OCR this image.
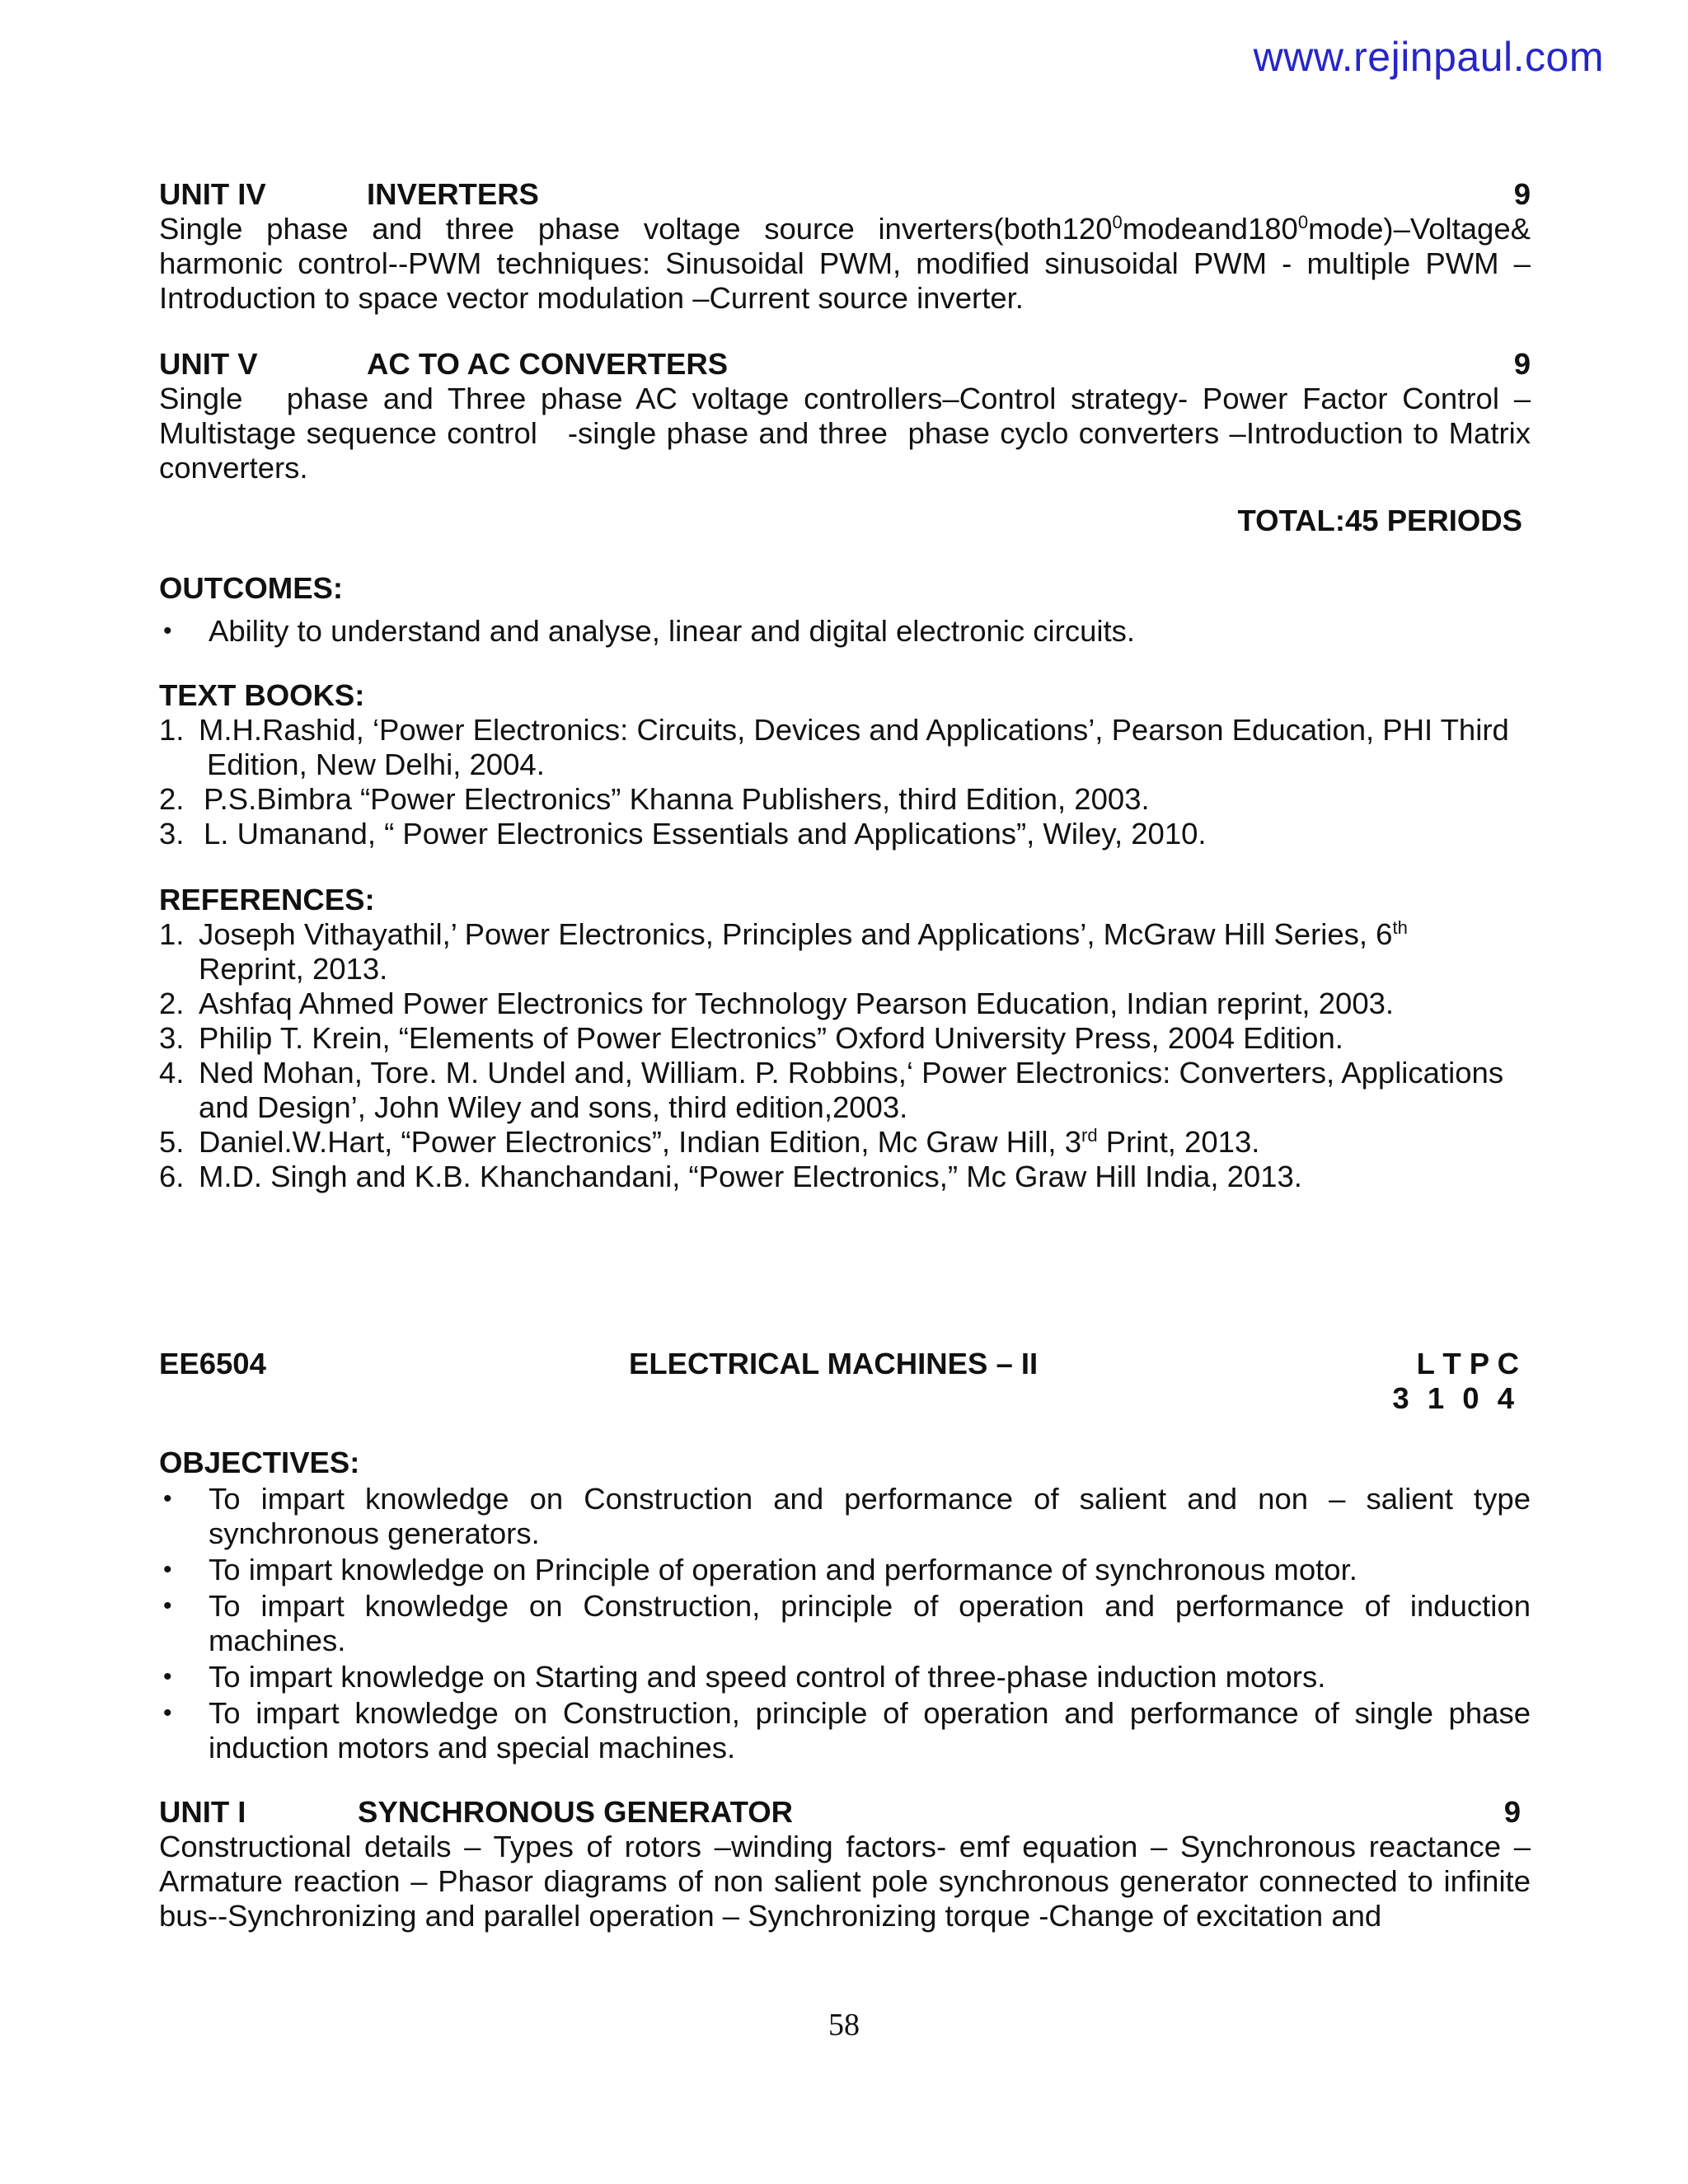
www.rejinpaul.com
UNIT IV	INVERTERS	9
Single phase and three phase voltage source $inverters(both120^0modeand180^0mode)-Voltage\&$ harmonic control--PWM techniques: Sinusoidal PWM, modified sinusoidal PWM - multiple PWM – Introduction to space vector modulation –Current source inverter.
UNIT V	AC TO AC CONVERTERS	9
Single   phase and Three phase AC voltage controllers–Control strategy- Power Factor Control – Multistage sequence control   -single phase and three  phase cyclo converters –Introduction to Matrix converters.
TOTAL:45 PERIODS
OUTCOMES:
• Ability to understand and analyse, linear and digital electronic circuits.
TEXT BOOKS:
1. M.H.Rashid, ‘Power Electronics: Circuits, Devices and Applications’, Pearson Education, PHI Third
Edition, New Delhi, 2004.
2. P.S.Bimbra “Power Electronics” Khanna Publishers, third Edition, 2003.
3. L. Umanand, “ Power Electronics Essentials and Applications”, Wiley, 2010.
REFERENCES:
1. Joseph Vithayathil,’ Power Electronics, Principles and Applications’, McGraw Hill Series, 6th
Reprint, 2013.
2. Ashfaq Ahmed Power Electronics for Technology Pearson Education, Indian reprint, 2003.
3. Philip T. Krein, “Elements of Power Electronics” Oxford University Press, 2004 Edition.
4. Ned Mohan, Tore. M. Undel and, William. P. Robbins,‘ Power Electronics: Converters, Applications and Design’, John Wiley and sons, third edition,2003.
5. Daniel.W.Hart, “Power Electronics”, Indian Edition, Mc Graw Hill, 3rd Print, 2013.
6. M.D. Singh and K.B. Khanchandani, “Power Electronics,” Mc Graw Hill India, 2013.
EE6504	ELECTRICAL MACHINES – II	L T P C
3 1 0 4
OBJECTIVES:
• To impart knowledge on Construction and performance of salient and non – salient type synchronous generators.
• To impart knowledge on Principle of operation and performance of synchronous motor.
• To impart knowledge on Construction, principle of operation and performance of induction machines.
• To impart knowledge on Starting and speed control of three-phase induction motors.
• To impart knowledge on Construction, principle of operation and performance of single phase induction motors and special machines.
UNIT I	SYNCHRONOUS GENERATOR	9
Constructional details – Types of rotors –winding factors- emf equation – Synchronous reactance – Armature reaction – Phasor diagrams of non salient pole synchronous generator connected to infinite bus--Synchronizing and parallel operation – Synchronizing torque -Change of excitation and
58
